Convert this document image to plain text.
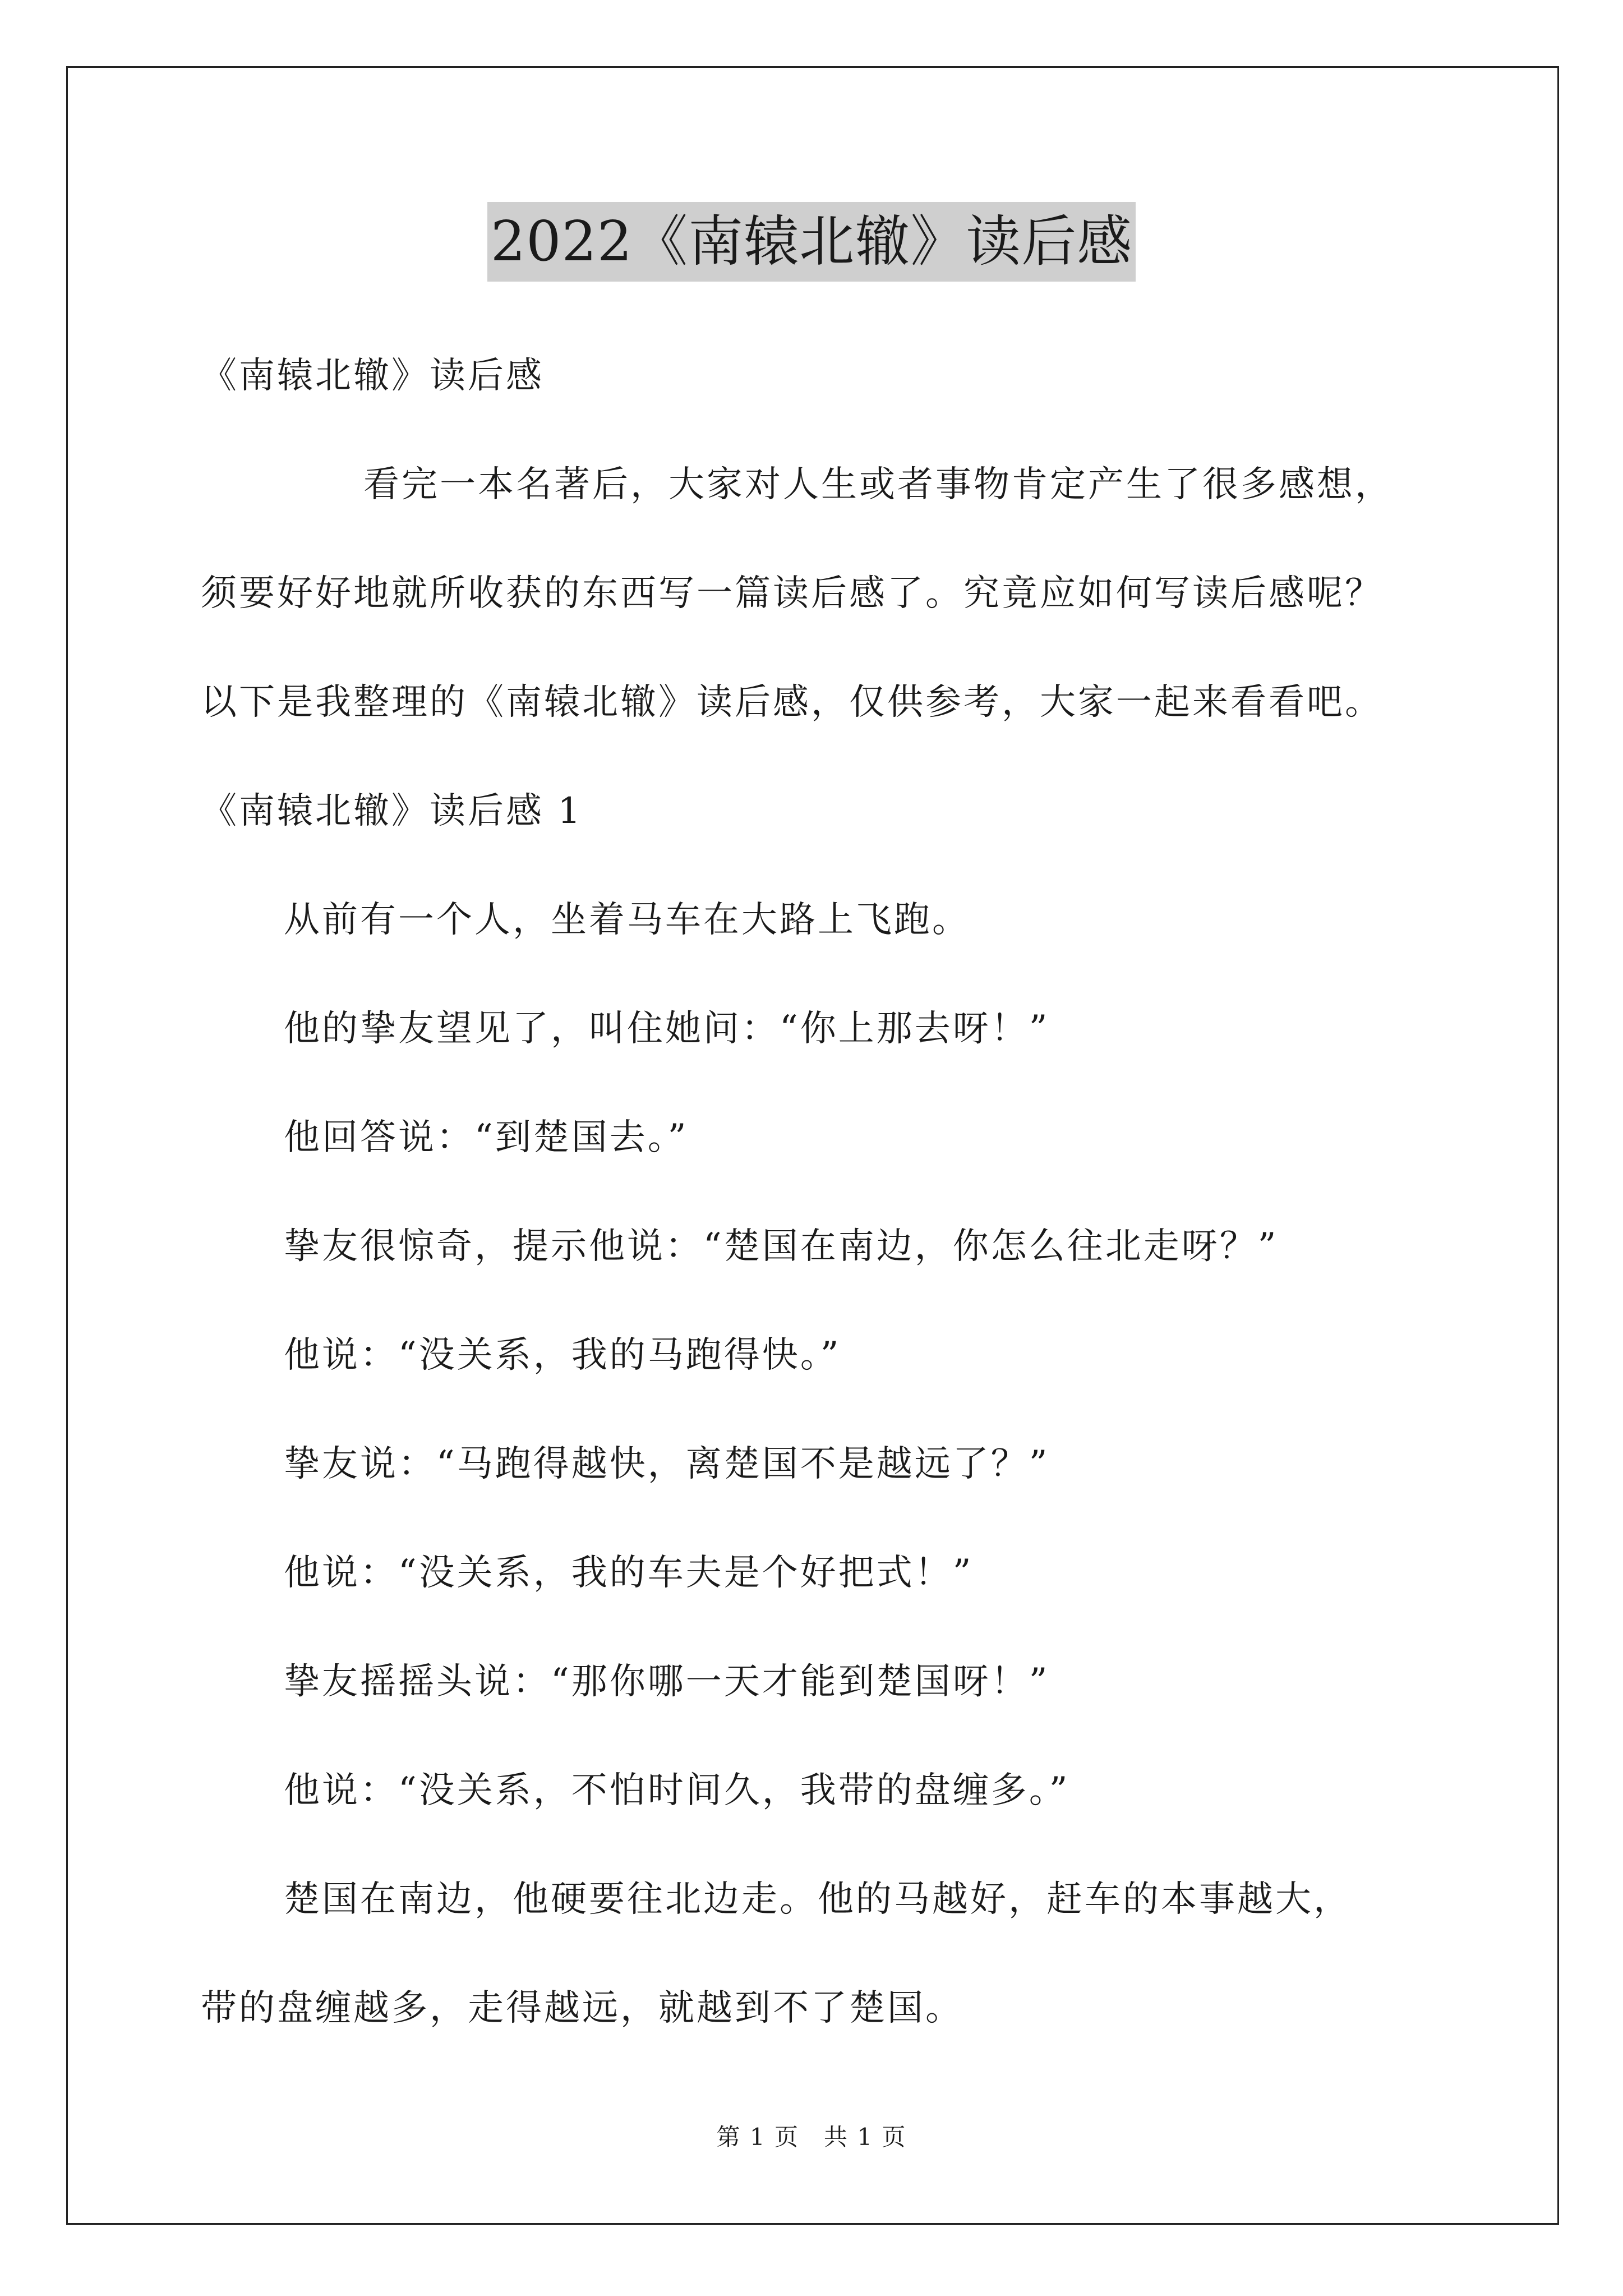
2022《南辕北辙》读后感

《南辕北辙》读后感

看完一本名著后，大家对人生或者事物肯定产生了很多感想，

须要好好地就所收获的东西写一篇读后感了。究竟应如何写读后感呢？

以下是我整理的《南辕北辙》读后感，仅供参考，大家一起来看看吧。

《南辕北辙》读后感 1

从前有一个人，坐着马车在大路上飞跑。

他的挚友望见了，叫住她问：“你上那去呀！”

他回答说：“到楚国去。”

挚友很惊奇，提示他说：“楚国在南边，你怎么往北走呀？”

他说：“没关系，我的马跑得快。”

挚友说：“马跑得越快，离楚国不是越远了？”

他说：“没关系，我的车夫是个好把式！”

挚友摇摇头说：“那你哪一天才能到楚国呀！”

他说：“没关系，不怕时间久，我带的盘缠多。”

楚国在南边，他硬要往北边走。他的马越好，赶车的本事越大，

带的盘缠越多，走得越远，就越到不了楚国。

第 1 页 共 1 页
